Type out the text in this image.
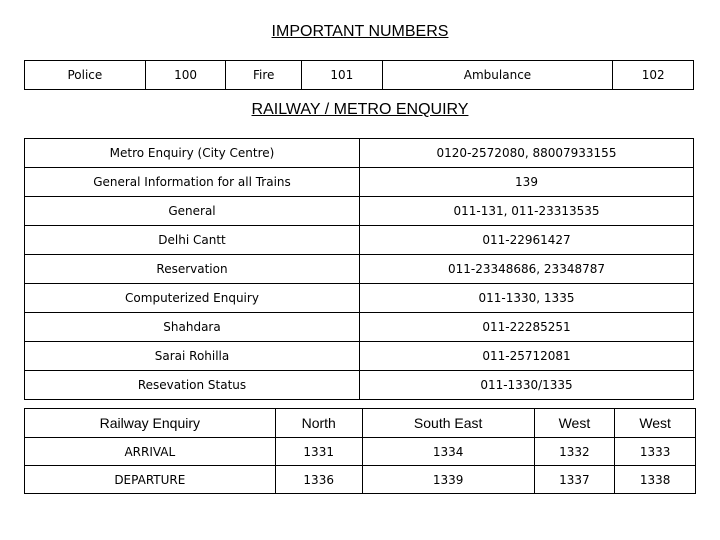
IMPORTANT NUMBERS
Police	100	Fire	101	Ambulance	102
RAILWAY / METRO ENQUIRY
Metro Enquiry (City Centre)	0120-2572080, 88007933155
General Information for all Trains	139
General	011-131, 011-23313535
Delhi Cantt	011-22961427
Reservation	011-23348686, 23348787
Computerized Enquiry	011-1330, 1335
Shahdara	011-22285251
Sarai Rohilla	011-25712081
Resevation Status	011-1330/1335
Railway Enquiry	North	South East	West	West
ARRIVAL	1331	1334	1332	1333
DEPARTURE	1336	1339	1337	1338
